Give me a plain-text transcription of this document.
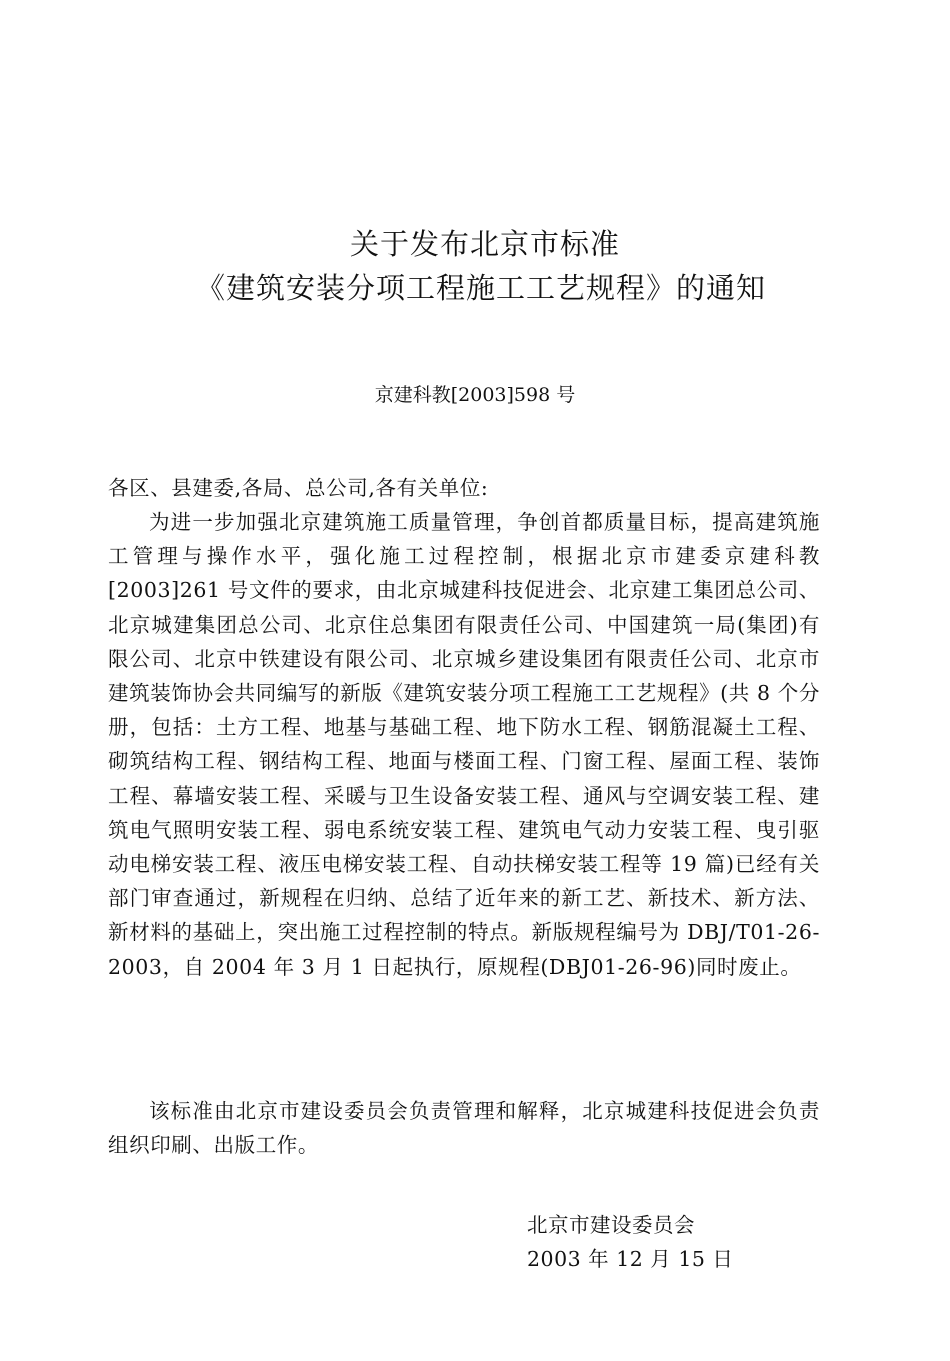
关于发布北京市标准
《建筑安装分项工程施工工艺规程》的通知
京建科教[2003]598 号
各区、县建委,各局、总公司,各有关单位:
为进一步加强北京建筑施工质量管理，争创首都质量目标，提高建筑施工管理与操作水平，强化施工过程控制，根据北京市建委京建科教[2003]261 号文件的要求，由北京城建科技促进会、北京建工集团总公司、北京城建集团总公司、北京住总集团有限责任公司、中国建筑一局(集团)有限公司、北京中铁建设有限公司、北京城乡建设集团有限责任公司、北京市建筑装饰协会共同编写的新版《建筑安装分项工程施工工艺规程》(共 8 个分册，包括：土方工程、地基与基础工程、地下防水工程、钢筋混凝土工程、砌筑结构工程、钢结构工程、地面与楼面工程、门窗工程、屋面工程、装饰工程、幕墙安装工程、采暖与卫生设备安装工程、通风与空调安装工程、建筑电气照明安装工程、弱电系统安装工程、建筑电气动力安装工程、曳引驱动电梯安装工程、液压电梯安装工程、自动扶梯安装工程等 19 篇)已经有关部门审查通过，新规程在归纳、总结了近年来的新工艺、新技术、新方法、新材料的基础上，突出施工过程控制的特点。新版规程编号为 DBJ/T01-26-2003，自 2004 年 3 月 1 日起执行，原规程(DBJ01-26-96)同时废止。
该标准由北京市建设委员会负责管理和解释，北京城建科技促进会负责组织印刷、出版工作。
北京市建设委员会
2003 年 12 月 15 日
